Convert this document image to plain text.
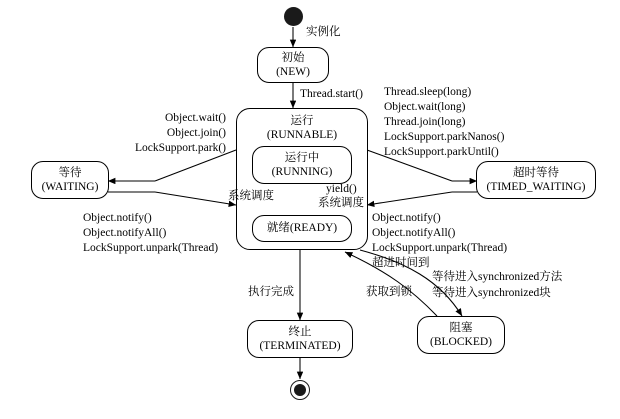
初始
(NEW)
运行
(RUNNABLE)
运行中
(RUNNING)
就绪(READY)
等待
(WAITING)
超时等待
(TIMED_WAITING)
终止
(TERMINATED)
阻塞
(BLOCKED)
实例化
Thread.start()
Object.wait()
Object.join()
LockSupport.park()
Object.notify()
Object.notifyAll()
LockSupport.unpark(Thread)
Thread.sleep(long)
Object.wait(long)
Thread.join(long)
LockSupport.parkNanos()
LockSupport.parkUntil()
Object.notify()
Object.notifyAll()
LockSupport.unpark(Thread)
超进时间到
系统调度
yield()
系统调度
执行完成	获取到锁
等待进入synchronized方法
等待进入synchronized块
